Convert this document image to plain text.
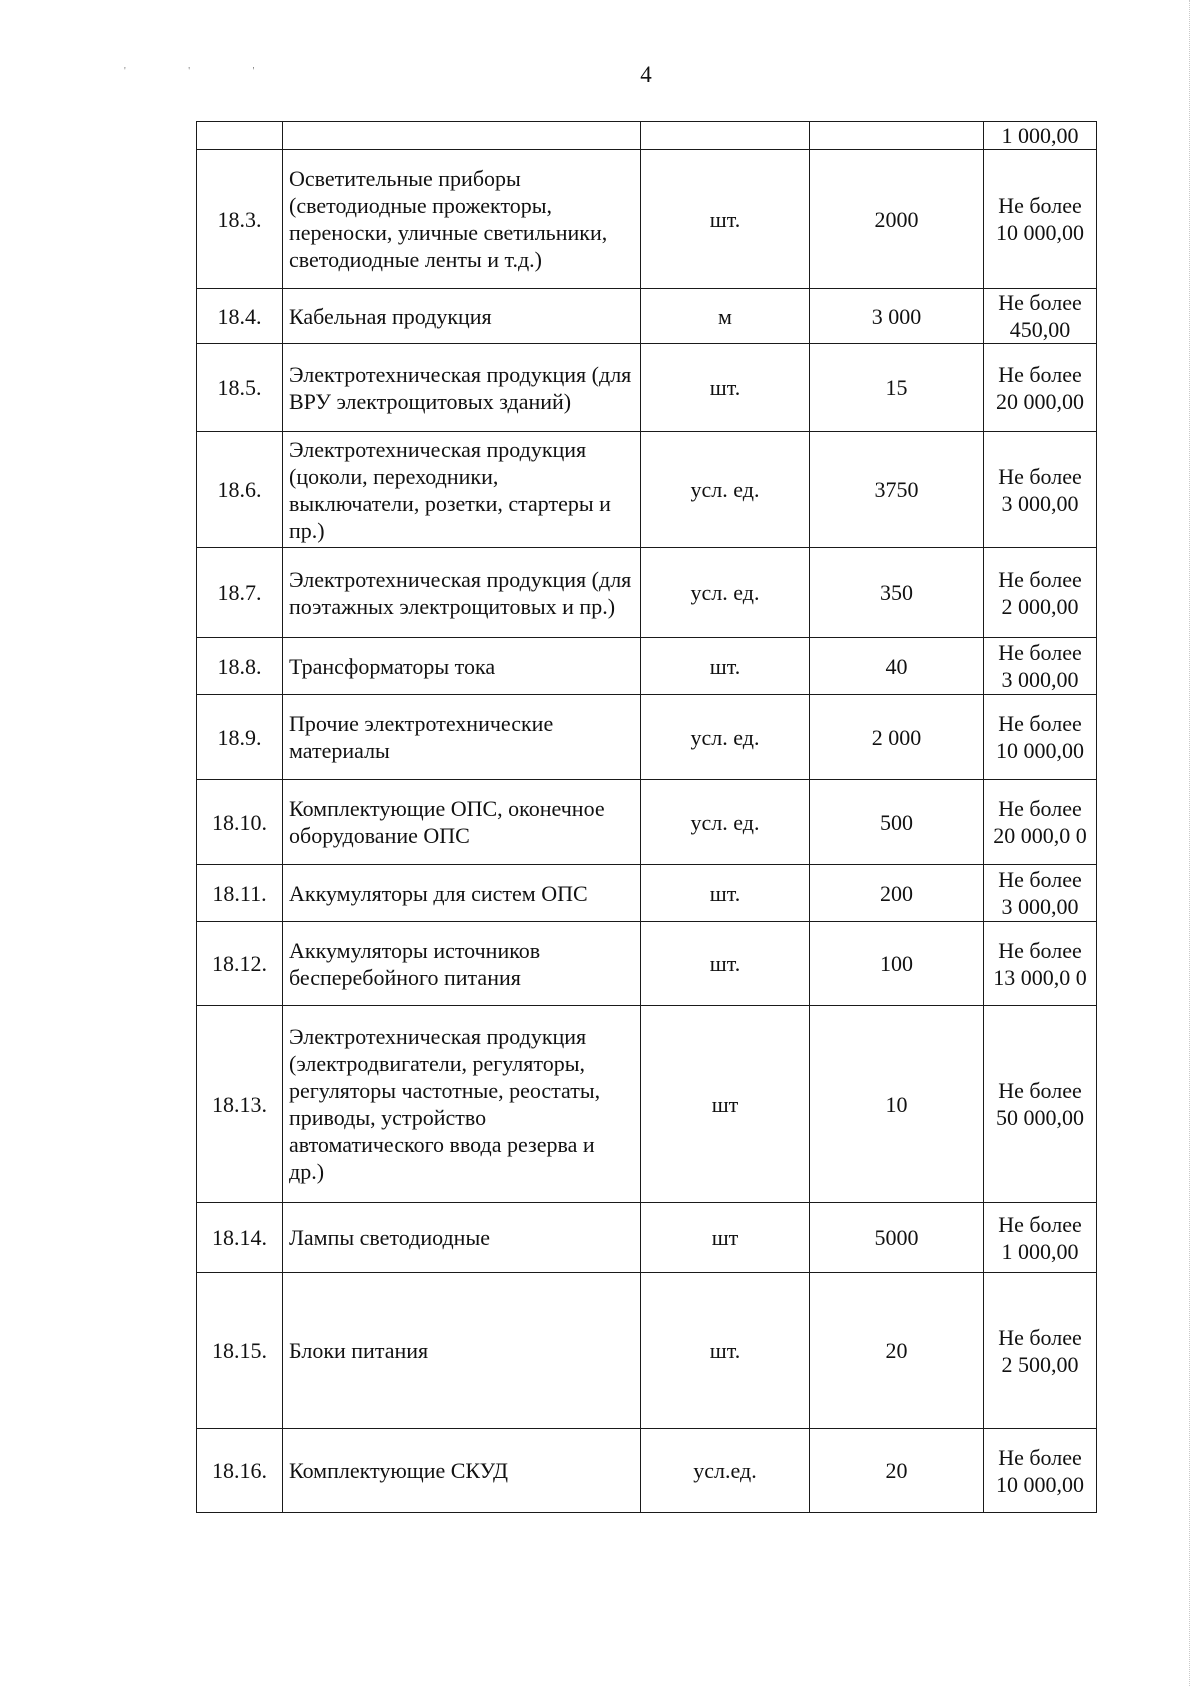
4
' ' '
				1 000,00
18.3.	Осветительные приборы (светодиодные прожекторы, переноски, уличные светильники, светодиодные ленты и т.д.)	шт.	2000	Не более 10 000,00
18.4.	Кабельная продукция	м	3 000	Не более 450,00
18.5.	Электротехническая продукция (для ВРУ электрощитовых зданий)	шт.	15	Не более 20 000,00
18.6.	Электротехническая продукция (цоколи, переходники, выключатели, розетки, стартеры и пр.)	усл. ед.	3750	Не более 3 000,00
18.7.	Электротехническая продукция (для поэтажных электрощитовых и пр.)	усл. ед.	350	Не более 2 000,00
18.8.	Трансформаторы тока	шт.	40	Не более 3 000,00
18.9.	Прочие электротехнические материалы	усл. ед.	2 000	Не более 10 000,00
18.10.	Комплектующие ОПС, оконечное оборудование ОПС	усл. ед.	500	Не более 20 000,0 0
18.11.	Аккумуляторы для систем ОПС	шт.	200	Не более 3 000,00
18.12.	Аккумуляторы источников бесперебойного питания	шт.	100	Не более 13 000,0 0
18.13.	Электротехническая продукция (электродвигатели, регуляторы, регуляторы частотные, реостаты, приводы, устройство автоматического ввода резерва и др.)	шт	10	Не более 50 000,00
18.14.	Лампы светодиодные	шт	5000	Не более 1 000,00
18.15.	Блоки питания	шт.	20	Не более 2 500,00
18.16.	Комплектующие СКУД	усл.ед.	20	Не более 10 000,00
